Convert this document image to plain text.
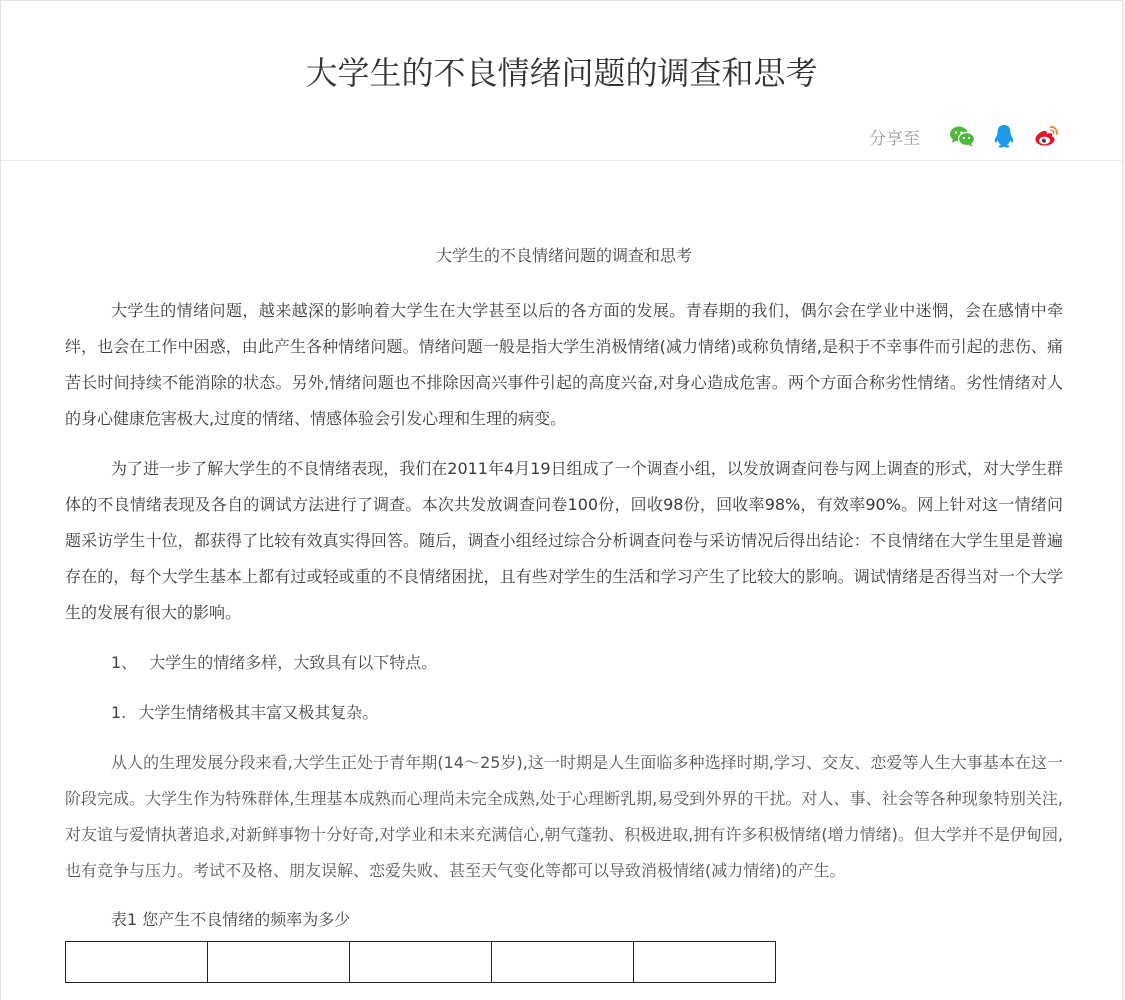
大学生的不良情绪问题的调查和思考
分享至
大学生的不良情绪问题的调查和思考

大学生的情绪问题，越来越深的影响着大学生在大学甚至以后的各方面的发展。青春期的我们，偶尔会在学业中迷惘，会在感情中牵绊，也会在工作中困惑，由此产生各种情绪问题。情绪问题一般是指大学生消极情绪(减力情绪)或称负情绪,是积于不幸事件而引起的悲伤、痛苦长时间持续不能消除的状态。另外,情绪问题也不排除因高兴事件引起的高度兴奋,对身心造成危害。两个方面合称劣性情绪。劣性情绪对人的身心健康危害极大,过度的情绪、情感体验会引发心理和生理的病变。

为了进一步了解大学生的不良情绪表现，我们在2011年4月19日组成了一个调查小组，以发放调查问卷与网上调查的形式，对大学生群体的不良情绪表现及各自的调试方法进行了调查。本次共发放调查问卷100份，回收98份，回收率98%，有效率90%。网上针对这一情绪问题采访学生十位，都获得了比较有效真实得回答。随后，调查小组经过综合分析调查问卷与采访情况后得出结论：不良情绪在大学生里是普遍存在的，每个大学生基本上都有过或轻或重的不良情绪困扰，且有些对学生的生活和学习产生了比较大的影响。调试情绪是否得当对一个大学生的发展有很大的影响。

1、 大学生的情绪多样，大致具有以下特点。

1. 大学生情绪极其丰富又极其复杂。

从人的生理发展分段来看,大学生正处于青年期(14～25岁),这一时期是人生面临多种选择时期,学习、交友、恋爱等人生大事基本在这一阶段完成。大学生作为特殊群体,生理基本成熟而心理尚未完全成熟,处于心理断乳期,易受到外界的干扰。对人、事、社会等各种现象特别关注,对友谊与爱情执著追求,对新鲜事物十分好奇,对学业和未来充满信心,朝气蓬勃、积极进取,拥有许多积极情绪(增力情绪)。但大学并不是伊甸园,也有竞争与压力。考试不及格、朋友误解、恋爱失败、甚至天气变化等都可以导致消极情绪(减力情绪)的产生。

表1 您产生不良情绪的频率为多少
